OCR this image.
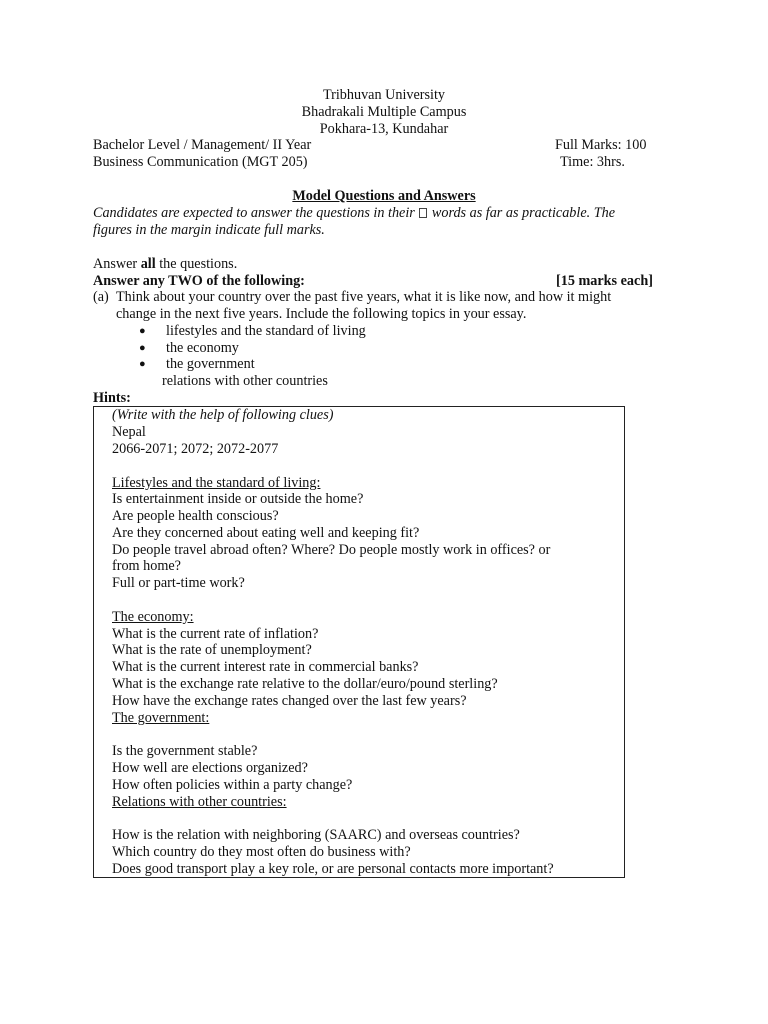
Tribhuvan University
Bhadrakali Multiple Campus
Pokhara-13, Kundahar
Bachelor Level / Management/ II Year	Full Marks: 100
Business Communication (MGT 205)	Time: 3hrs.
Model Questions and Answers
Candidates are expected to answer the questions in their words as far as practicable. The
figures in the margin indicate full marks.
Answer all the questions.
Answer any TWO of the following:	[15 marks each]
(a) Think about your country over the past five years, what it is like now, and how it might
change in the next five years. Include the following topics in your essay.
● lifestyles and the standard of living
● the economy
● the government
relations with other countries
Hints:
(Write with the help of following clues)
Nepal
2066-2071; 2072; 2072-2077
Lifestyles and the standard of living:
Is entertainment inside or outside the home?
Are people health conscious?
Are they concerned about eating well and keeping fit?
Do people travel abroad often? Where? Do people mostly work in offices? or
from home?
Full or part-time work?
The economy:
What is the current rate of inflation?
What is the rate of unemployment?
What is the current interest rate in commercial banks?
What is the exchange rate relative to the dollar/euro/pound sterling?
How have the exchange rates changed over the last few years?
The government:
Is the government stable?
How well are elections organized?
How often policies within a party change?
Relations with other countries:
How is the relation with neighboring (SAARC) and overseas countries?
Which country do they most often do business with?
Does good transport play a key role, or are personal contacts more important?
